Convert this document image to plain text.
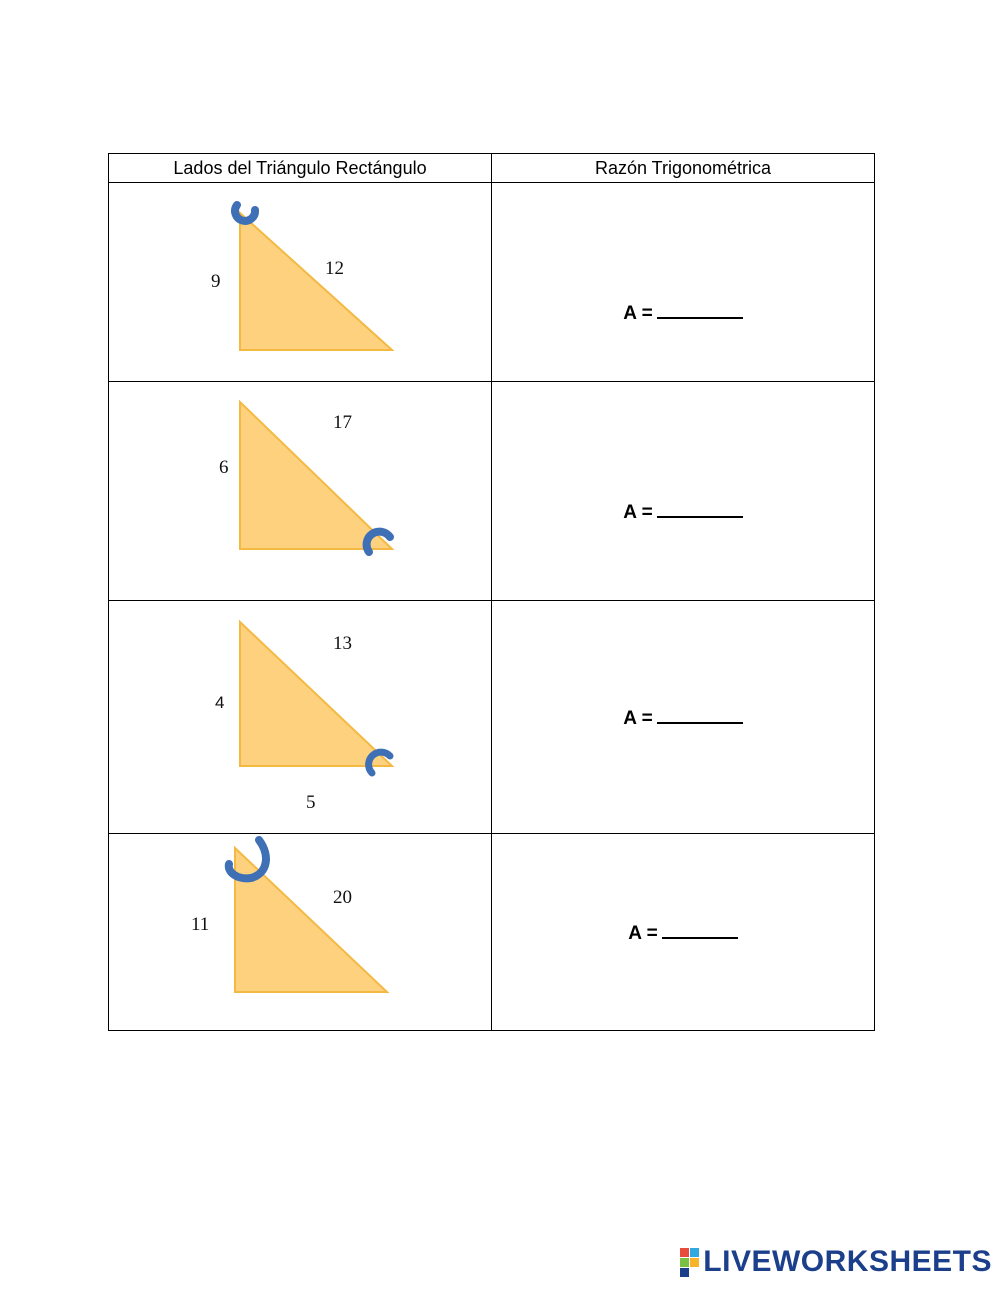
Lados del Triángulo Rectángulo	Razón Trigonométrica

9
12	A =

6
17	A =

4
13
5	A =

11
20	A =
LIVEWORKSHEETS
